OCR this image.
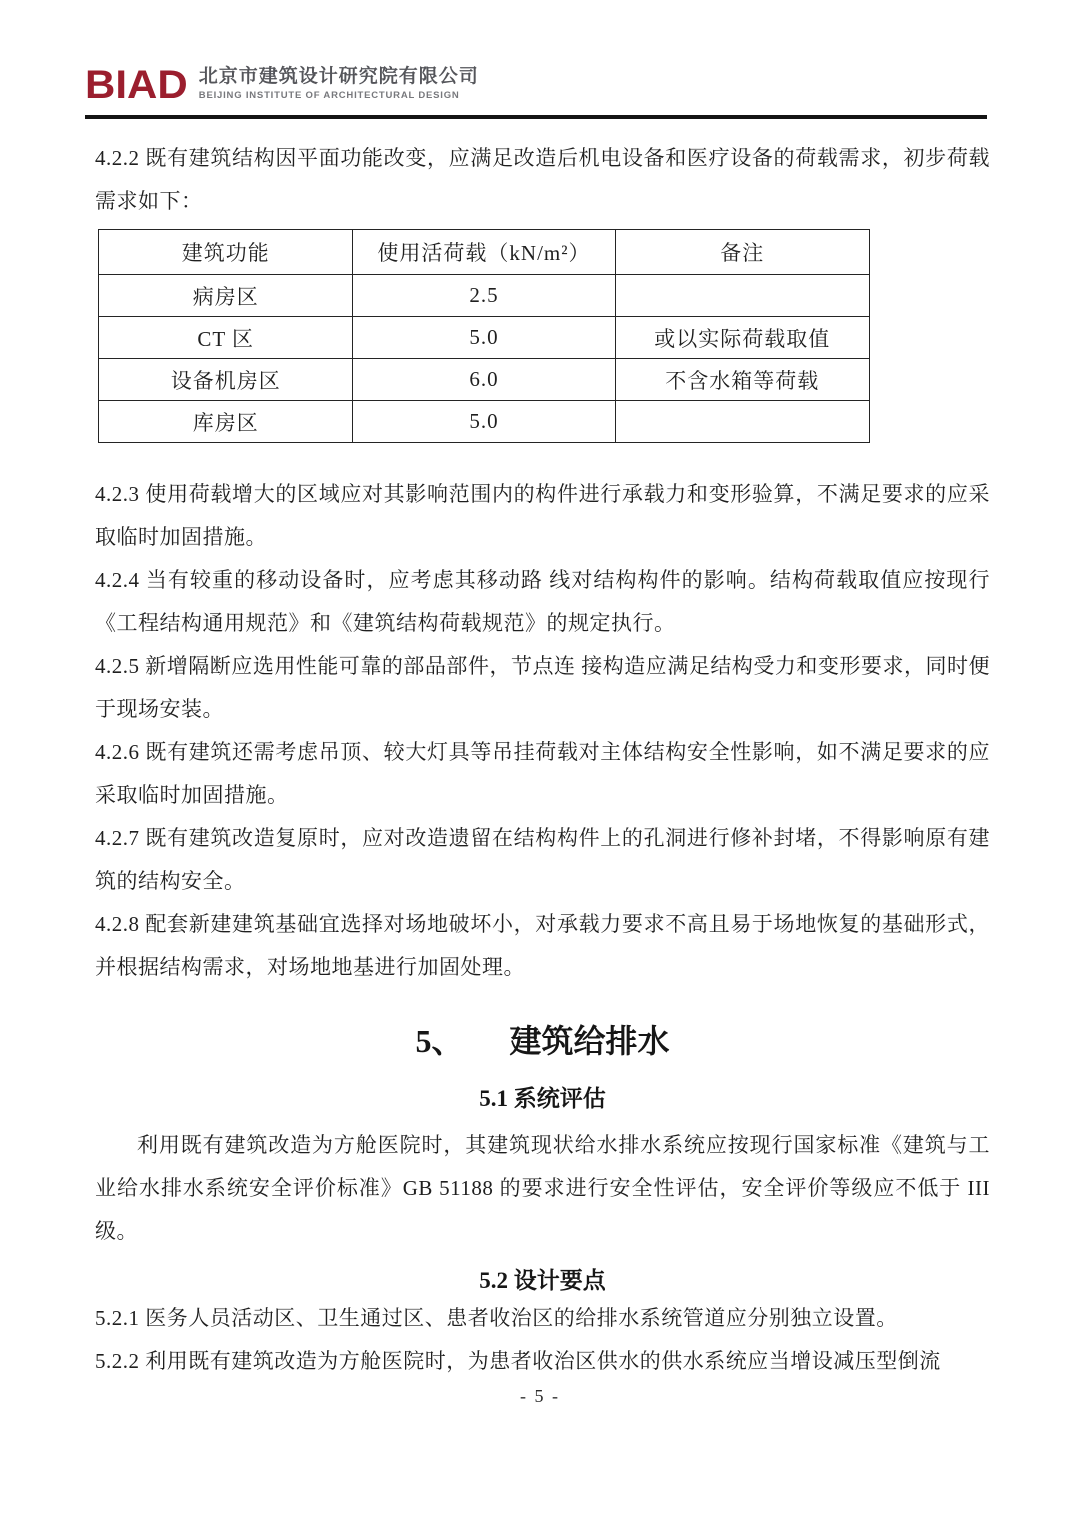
BIAD 北京市建筑设计研究院有限公司
BEIJING INSTITUTE OF ARCHITECTURAL DESIGN

4.2.2 既有建筑结构因平面功能改变，应满足改造后机电设备和医疗设备的荷载需求，初步荷载需求如下：

建筑功能	使用活荷载（kN/m²）	备注
病房区	2.5	
CT 区	5.0	或以实际荷载取值
设备机房区	6.0	不含水箱等荷载
库房区	5.0	

4.2.3 使用荷载增大的区域应对其影响范围内的构件进行承载力和变形验算，不满足要求的应采 取临时加固措施。

4.2.4 当有较重的移动设备时，应考虑其移动路 线对结构构件的影响。结构荷载取值应按现行《工程结构通用规范》和《建筑结构荷载规范》的规定执行。

4.2.5 新增隔断应选用性能可靠的部品部件，节点连 接构造应满足结构受力和变形要求，同时便于现场安装。

4.2.6 既有建筑还需考虑吊顶、较大灯具等吊挂荷载对主体结构安全性影响，如不满足要求的应采取临时加固措施。

4.2.7 既有建筑改造复原时，应对改造遗留在结构构件上的孔洞进行修补封堵，不得影响原有建筑的结构安全。

4.2.8 配套新建建筑基础宜选择对场地破坏小，对承载力要求不高且易于场地恢复的基础形式，并根据结构需求，对场地地基进行加固处理。

5、 建筑给排水
5.1 系统评估

利用既有建筑改造为方舱医院时，其建筑现状给水排水系统应按现行国家标准《建筑与工业给水排水系统安全评价标准》GB 51188 的要求进行安全性评估，安全评价等级应不低于 III 级。

5.2 设计要点

5.2.1 医务人员活动区、卫生通过区、患者收治区的给排水系统管道应分别独立设置。

5.2.2 利用既有建筑改造为方舱医院时，为患者收治区供水的供水系统应当增设减压型倒流

- 5 -
